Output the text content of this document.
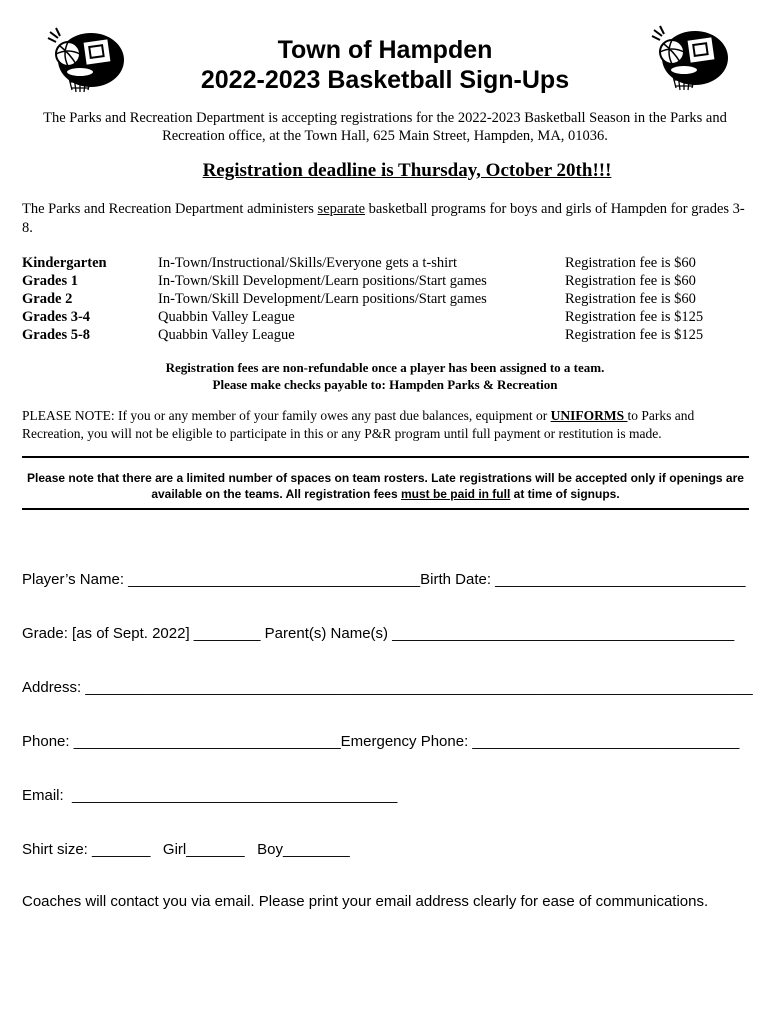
Town of Hampden
2022-2023 Basketball Sign-Ups
The Parks and Recreation Department is accepting registrations for the 2022-2023 Basketball Season in the Parks and Recreation office, at the Town Hall, 625 Main Street, Hampden, MA, 01036.
Registration deadline is Thursday, October 20th!!!
The Parks and Recreation Department administers separate basketball programs for boys and girls of Hampden for grades 3-8.
Kindergarten	In-Town/Instructional/Skills/Everyone gets a t-shirt	Registration fee is $60
Grades 1	In-Town/Skill Development/Learn positions/Start games	Registration fee is $60
Grade 2	In-Town/Skill Development/Learn positions/Start games	Registration fee is $60
Grades 3-4	Quabbin Valley League	Registration fee is $125
Grades 5-8	Quabbin Valley League	Registration fee is $125
Registration fees are non-refundable once a player has been assigned to a team.
Please make checks payable to: Hampden Parks & Recreation
PLEASE NOTE: If you or any member of your family owes any past due balances, equipment or UNIFORMS to Parks and Recreation, you will not be eligible to participate in this or any P&R program until full payment or restitution is made.
Please note that there are a limited number of spaces on team rosters. Late registrations will be accepted only if openings are available on the teams. All registration fees must be paid in full at time of signups.
Player’s Name: ___________________________________Birth Date: ______________________________
Grade: [as of Sept. 2022] ________ Parent(s) Name(s) _________________________________________
Address: ________________________________________________________________________________
Phone: ________________________________Emergency Phone: ________________________________
Email:  _______________________________________
Shirt size: _______   Girl_______   Boy________
Coaches will contact you via email. Please print your email address clearly for ease of communications.
